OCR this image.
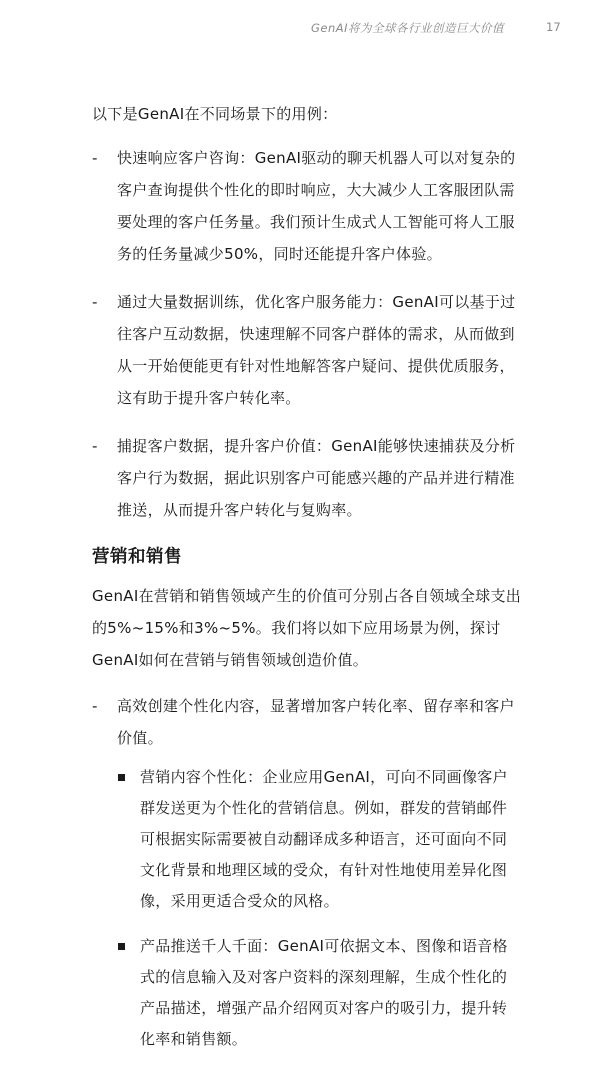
GenAI将为全球各行业创造巨大价值	17

以下是GenAI在不同场景下的用例：

- 快速响应客户咨询：GenAI驱动的聊天机器人可以对复杂的客户查询提供个性化的即时响应，大大减少人工客服团队需要处理的客户任务量。我们预计生成式人工智能可将人工服务的任务量减少50%，同时还能提升客户体验。
- 通过大量数据训练，优化客户服务能力：GenAI可以基于过往客户互动数据，快速理解不同客户群体的需求，从而做到从一开始便能更有针对性地解答客户疑问、提供优质服务，这有助于提升客户转化率。
- 捕捉客户数据，提升客户价值：GenAI能够快速捕获及分析客户行为数据，据此识别客户可能感兴趣的产品并进行精准推送，从而提升客户转化与复购率。
营销和销售

GenAI在营销和销售领域产生的价值可分别占各自领域全球支出的5%~15%和3%~5%。我们将以如下应用场景为例，探讨GenAI如何在营销与销售领域创造价值。

- 高效创建个性化内容，显著增加客户转化率、留存率和客户价值。
营销内容个性化：企业应用GenAI，可向不同画像客户群发送更为个性化的营销信息。例如，群发的营销邮件可根据实际需要被自动翻译成多种语言，还可面向不同文化背景和地理区域的受众，有针对性地使用差异化图像，采用更适合受众的风格。
产品推送千人千面：GenAI可依据文本、图像和语音格式的信息输入及对客户资料的深刻理解，生成个性化的产品描述，增强产品介绍网页对客户的吸引力，提升转化率和销售额。
